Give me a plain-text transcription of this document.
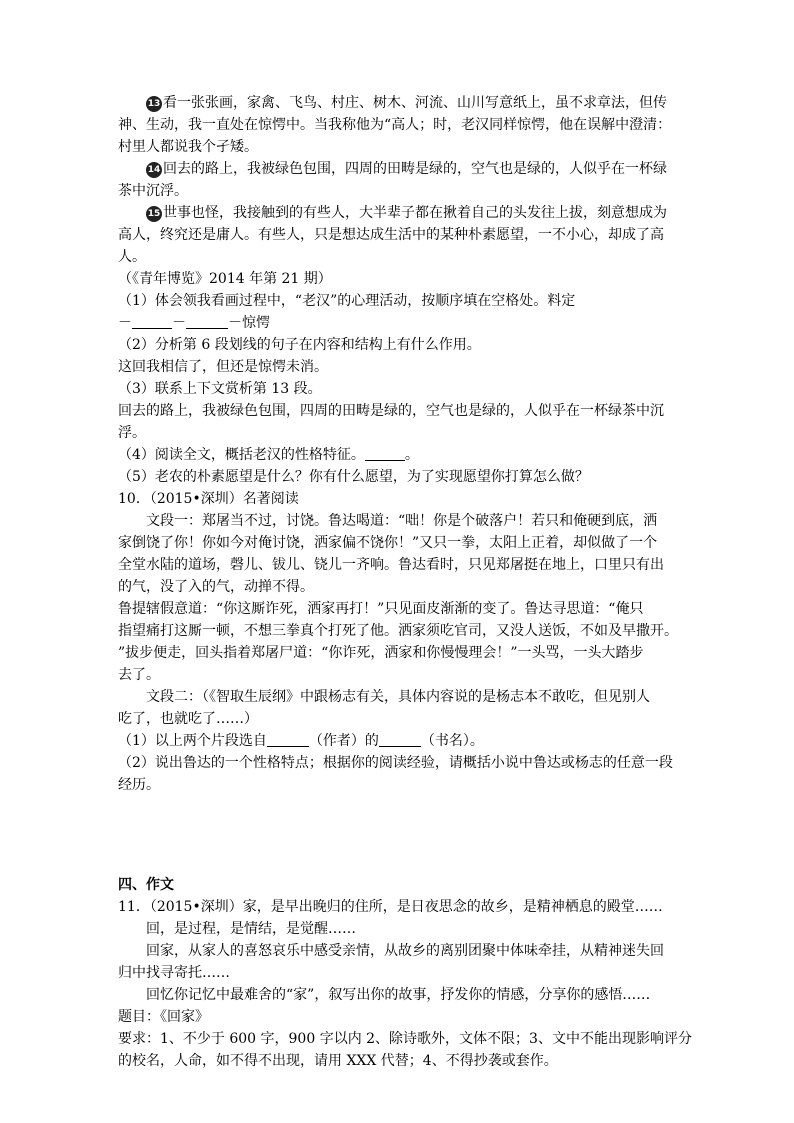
13 看一张张画，家禽、飞鸟、村庄、树木、河流、山川写意纸上，虽不求章法，但传
神、生动，我一直处在惊愕中。当我称他为“高人；时，老汉同样惊愕，他在误解中澄清：
村里人都说我个孑矮。
14 回去的路上，我被绿色包围，四周的田畴是绿的，空气也是绿的，人似乎在一杯绿
茶中沉浮。
15 世事也怪，我接触到的有些人，大半辈子都在揪着自己的头发往上拔，刻意想成为
高人，终究还是庸人。有些人，只是想达成生活中的某种朴素愿望，一不小心，却成了高
人。
（《青年博览》2014 年第 21 期）
（1）体会领我看画过程中，“老汉”的心理活动，按顺序填在空格处。料定
－	－	－惊愕
（2）分析第 6 段划线的句子在内容和结构上有什么作用。
这回我相信了，但还是惊愕未消。
（3）联系上下文赏析第 13 段。
回去的路上，我被绿色包围，四周的田畴是绿的，空气也是绿的，人似乎在一杯绿茶中沉
浮。
（4）阅读全文，概括老汉的性格特征。	。
（5）老农的朴素愿望是什么？你有什么愿望，为了实现愿望你打算怎么做？
10．（2015•深圳）名著阅读
文段一：郑屠当不过，讨饶。鲁达喝道：“咄！你是个破落户！若只和俺硬到底，洒
家倒饶了你！你如今对俺讨饶，洒家偏不饶你！”又只一拳，太阳上正着，却似做了一个
全堂水陆的道场，磬儿、钹儿、铙儿一齐响。鲁达看时，只见郑屠挺在地上，口里只有出
的气，没了入的气，动掸不得。
鲁提辖假意道：“你这厮诈死，洒家再打！”只见面皮渐渐的变了。鲁达寻思道：“俺只
指望痛打这厮一顿，不想三拳真个打死了他。洒家须吃官司，又没人送饭，不如及早撒开。
”拔步便走，回头指着郑屠尸道：“你诈死，洒家和你慢慢理会！”一头骂，一头大踏步
去了。
文段二：（《智取生辰纲》中跟杨志有关，具体内容说的是杨志本不敢吃，但见别人
吃了，也就吃了……）
（1）以上两个片段选自	（作者）的	（书名）。
（2）说出鲁达的一个性格特点；根据你的阅读经验，请概括小说中鲁达或杨志的任意一段
经历。
四、作文
11．（2015•深圳）家，是早出晚归的住所，是日夜思念的故乡，是精神栖息的殿堂……
回，是过程，是情结，是觉醒……
回家，从家人的喜怒哀乐中感受亲情，从故乡的离别团聚中体味牵挂，从精神迷失回
归中找寻寄托……
回忆你记忆中最难舍的“家”，叙写出你的故事，抒发你的情感，分享你的感悟……
题目：《回家》
要求：1、不少于 600 字，900 字以内 2、除诗歌外，文体不限；3、文中不能出现影响评分
的校名，人命，如不得不出现，请用 XXX 代替；4、不得抄袭或套作。
